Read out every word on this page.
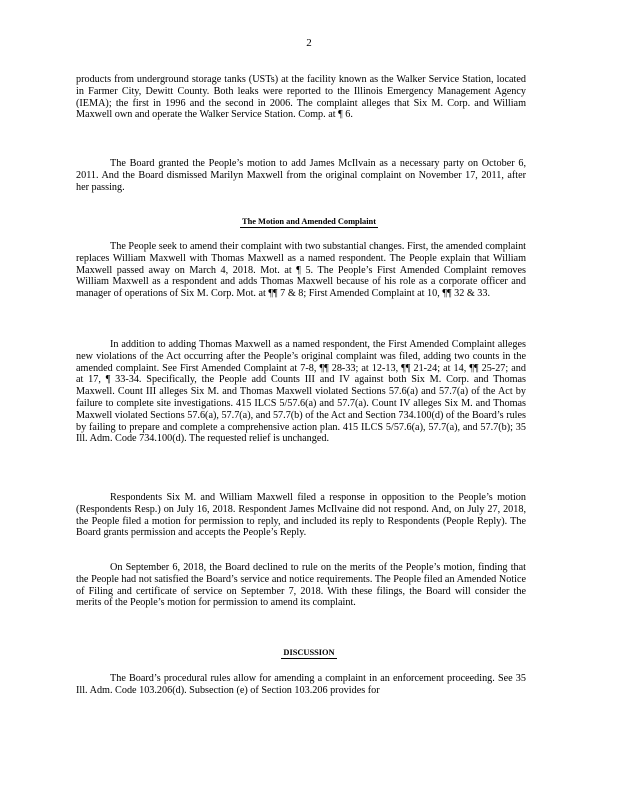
2

products from underground storage tanks (USTs) at the facility known as the Walker Service Station, located in Farmer City, Dewitt County. Both leaks were reported to the Illinois Emergency Management Agency (IEMA); the first in 1996 and the second in 2006. The complaint alleges that Six M. Corp. and William Maxwell own and operate the Walker Service Station. Comp. at ¶ 6.

The Board granted the People’s motion to add James McIlvain as a necessary party on October 6, 2011. And the Board dismissed Marilyn Maxwell from the original complaint on November 17, 2011, after her passing.

The Motion and Amended Complaint

The People seek to amend their complaint with two substantial changes. First, the amended complaint replaces William Maxwell with Thomas Maxwell as a named respondent. The People explain that William Maxwell passed away on March 4, 2018. Mot. at ¶ 5. The People’s First Amended Complaint removes William Maxwell as a respondent and adds Thomas Maxwell because of his role as a corporate officer and manager of operations of Six M. Corp. Mot. at ¶¶ 7 & 8; First Amended Complaint at 10, ¶¶ 32 & 33.

In addition to adding Thomas Maxwell as a named respondent, the First Amended Complaint alleges new violations of the Act occurring after the People’s original complaint was filed, adding two counts in the amended complaint. See First Amended Complaint at 7-8, ¶¶ 28-33; at 12-13, ¶¶ 21-24; at 14, ¶¶ 25-27; and at 17, ¶ 33-34. Specifically, the People add Counts III and IV against both Six M. Corp. and Thomas Maxwell. Count III alleges Six M. and Thomas Maxwell violated Sections 57.6(a) and 57.7(a) of the Act by failure to complete site investigations. 415 ILCS 5/57.6(a) and 57.7(a). Count IV alleges Six M. and Thomas Maxwell violated Sections 57.6(a), 57.7(a), and 57.7(b) of the Act and Section 734.100(d) of the Board’s rules by failing to prepare and complete a comprehensive action plan. 415 ILCS 5/57.6(a), 57.7(a), and 57.7(b); 35 Ill. Adm. Code 734.100(d). The requested relief is unchanged.

Respondents Six M. and William Maxwell filed a response in opposition to the People’s motion (Respondents Resp.) on July 16, 2018. Respondent James McIlvaine did not respond. And, on July 27, 2018, the People filed a motion for permission to reply, and included its reply to Respondents (People Reply). The Board grants permission and accepts the People’s Reply.

On September 6, 2018, the Board declined to rule on the merits of the People’s motion, finding that the People had not satisfied the Board’s service and notice requirements. The People filed an Amended Notice of Filing and certificate of service on September 7, 2018. With these filings, the Board will consider the merits of the People’s motion for permission to amend its complaint.

DISCUSSION

The Board’s procedural rules allow for amending a complaint in an enforcement proceeding. See 35 Ill. Adm. Code 103.206(d). Subsection (e) of Section 103.206 provides for
